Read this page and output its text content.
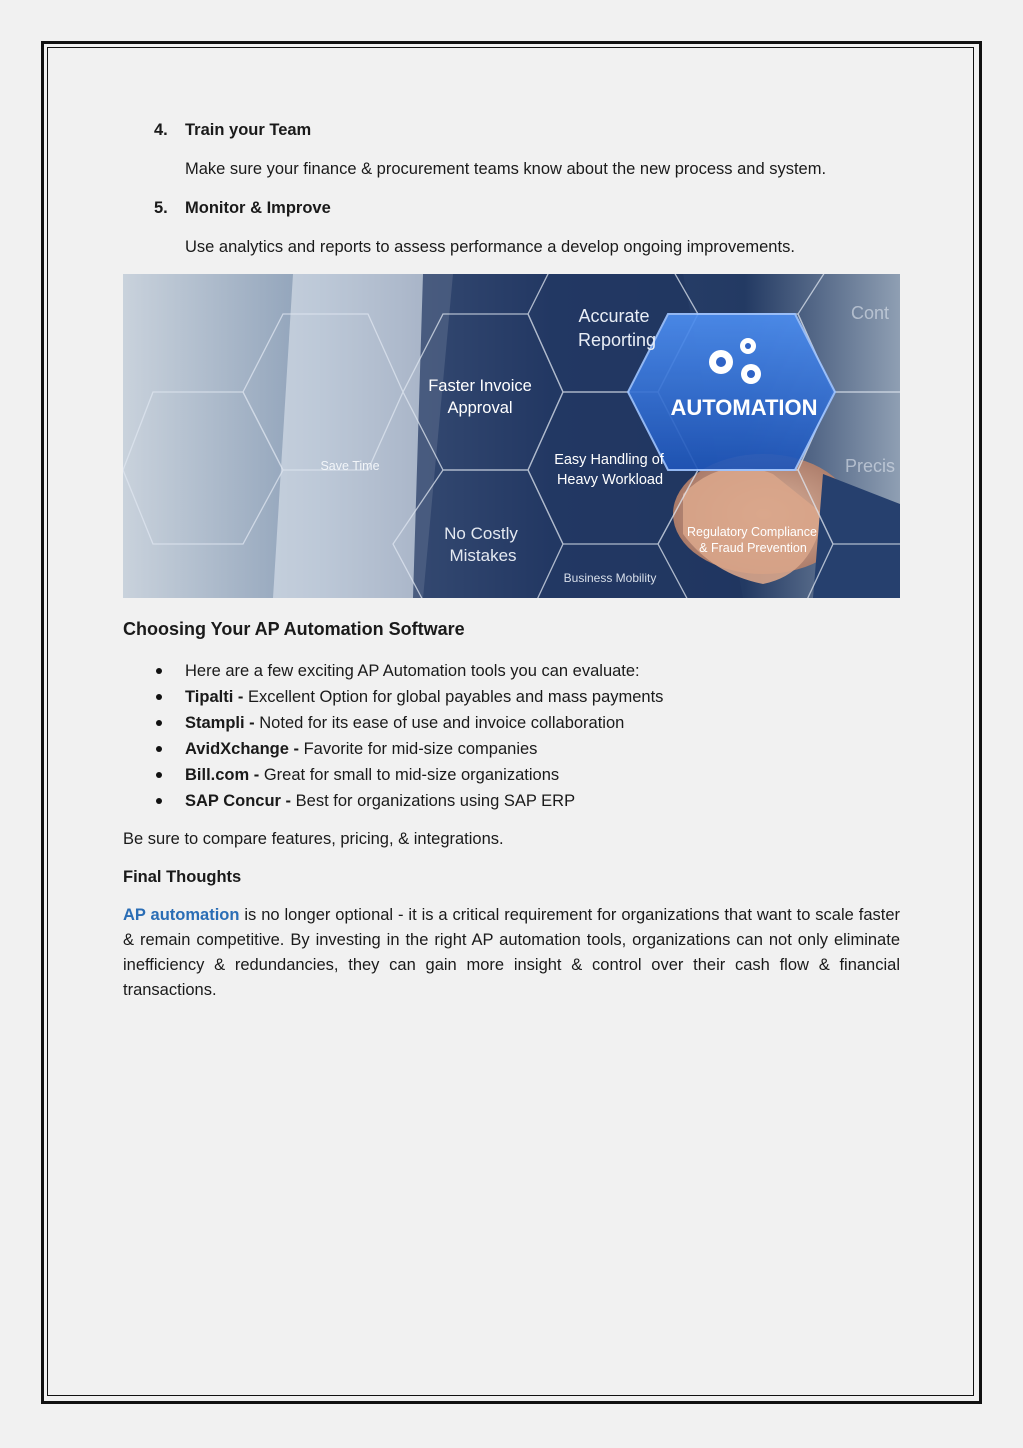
4.	Train your Team

Make sure your finance & procurement teams know about the new process and system.

5.	Monitor & Improve

Use analytics and reports to assess performance a develop ongoing improvements.

Accurate
Reporting
Faster Invoice
Approval	AUTOMATION
Save Time	Easy Handling of
Heavy Workload
No Costly
Mistakes
Regulatory Compliance
& Fraud Prevention
Business Mobility
Cont
Precis
Choosing Your AP Automation Software
Here are a few exciting AP Automation tools you can evaluate:
Tipalti - Excellent Option for global payables and mass payments
Stampli - Noted for its ease of use and invoice collaboration
AvidXchange - Favorite for mid-size companies
Bill.com - Great for small to mid-size organizations
SAP Concur - Best for organizations using SAP ERP

Be sure to compare features, pricing, & integrations.

Final Thoughts

AP automation is no longer optional - it is a critical requirement for organizations that want to scale faster & remain competitive. By investing in the right AP automation tools, organizations can not only eliminate inefficiency & redundancies, they can gain more insight & control over their cash flow & financial transactions.
